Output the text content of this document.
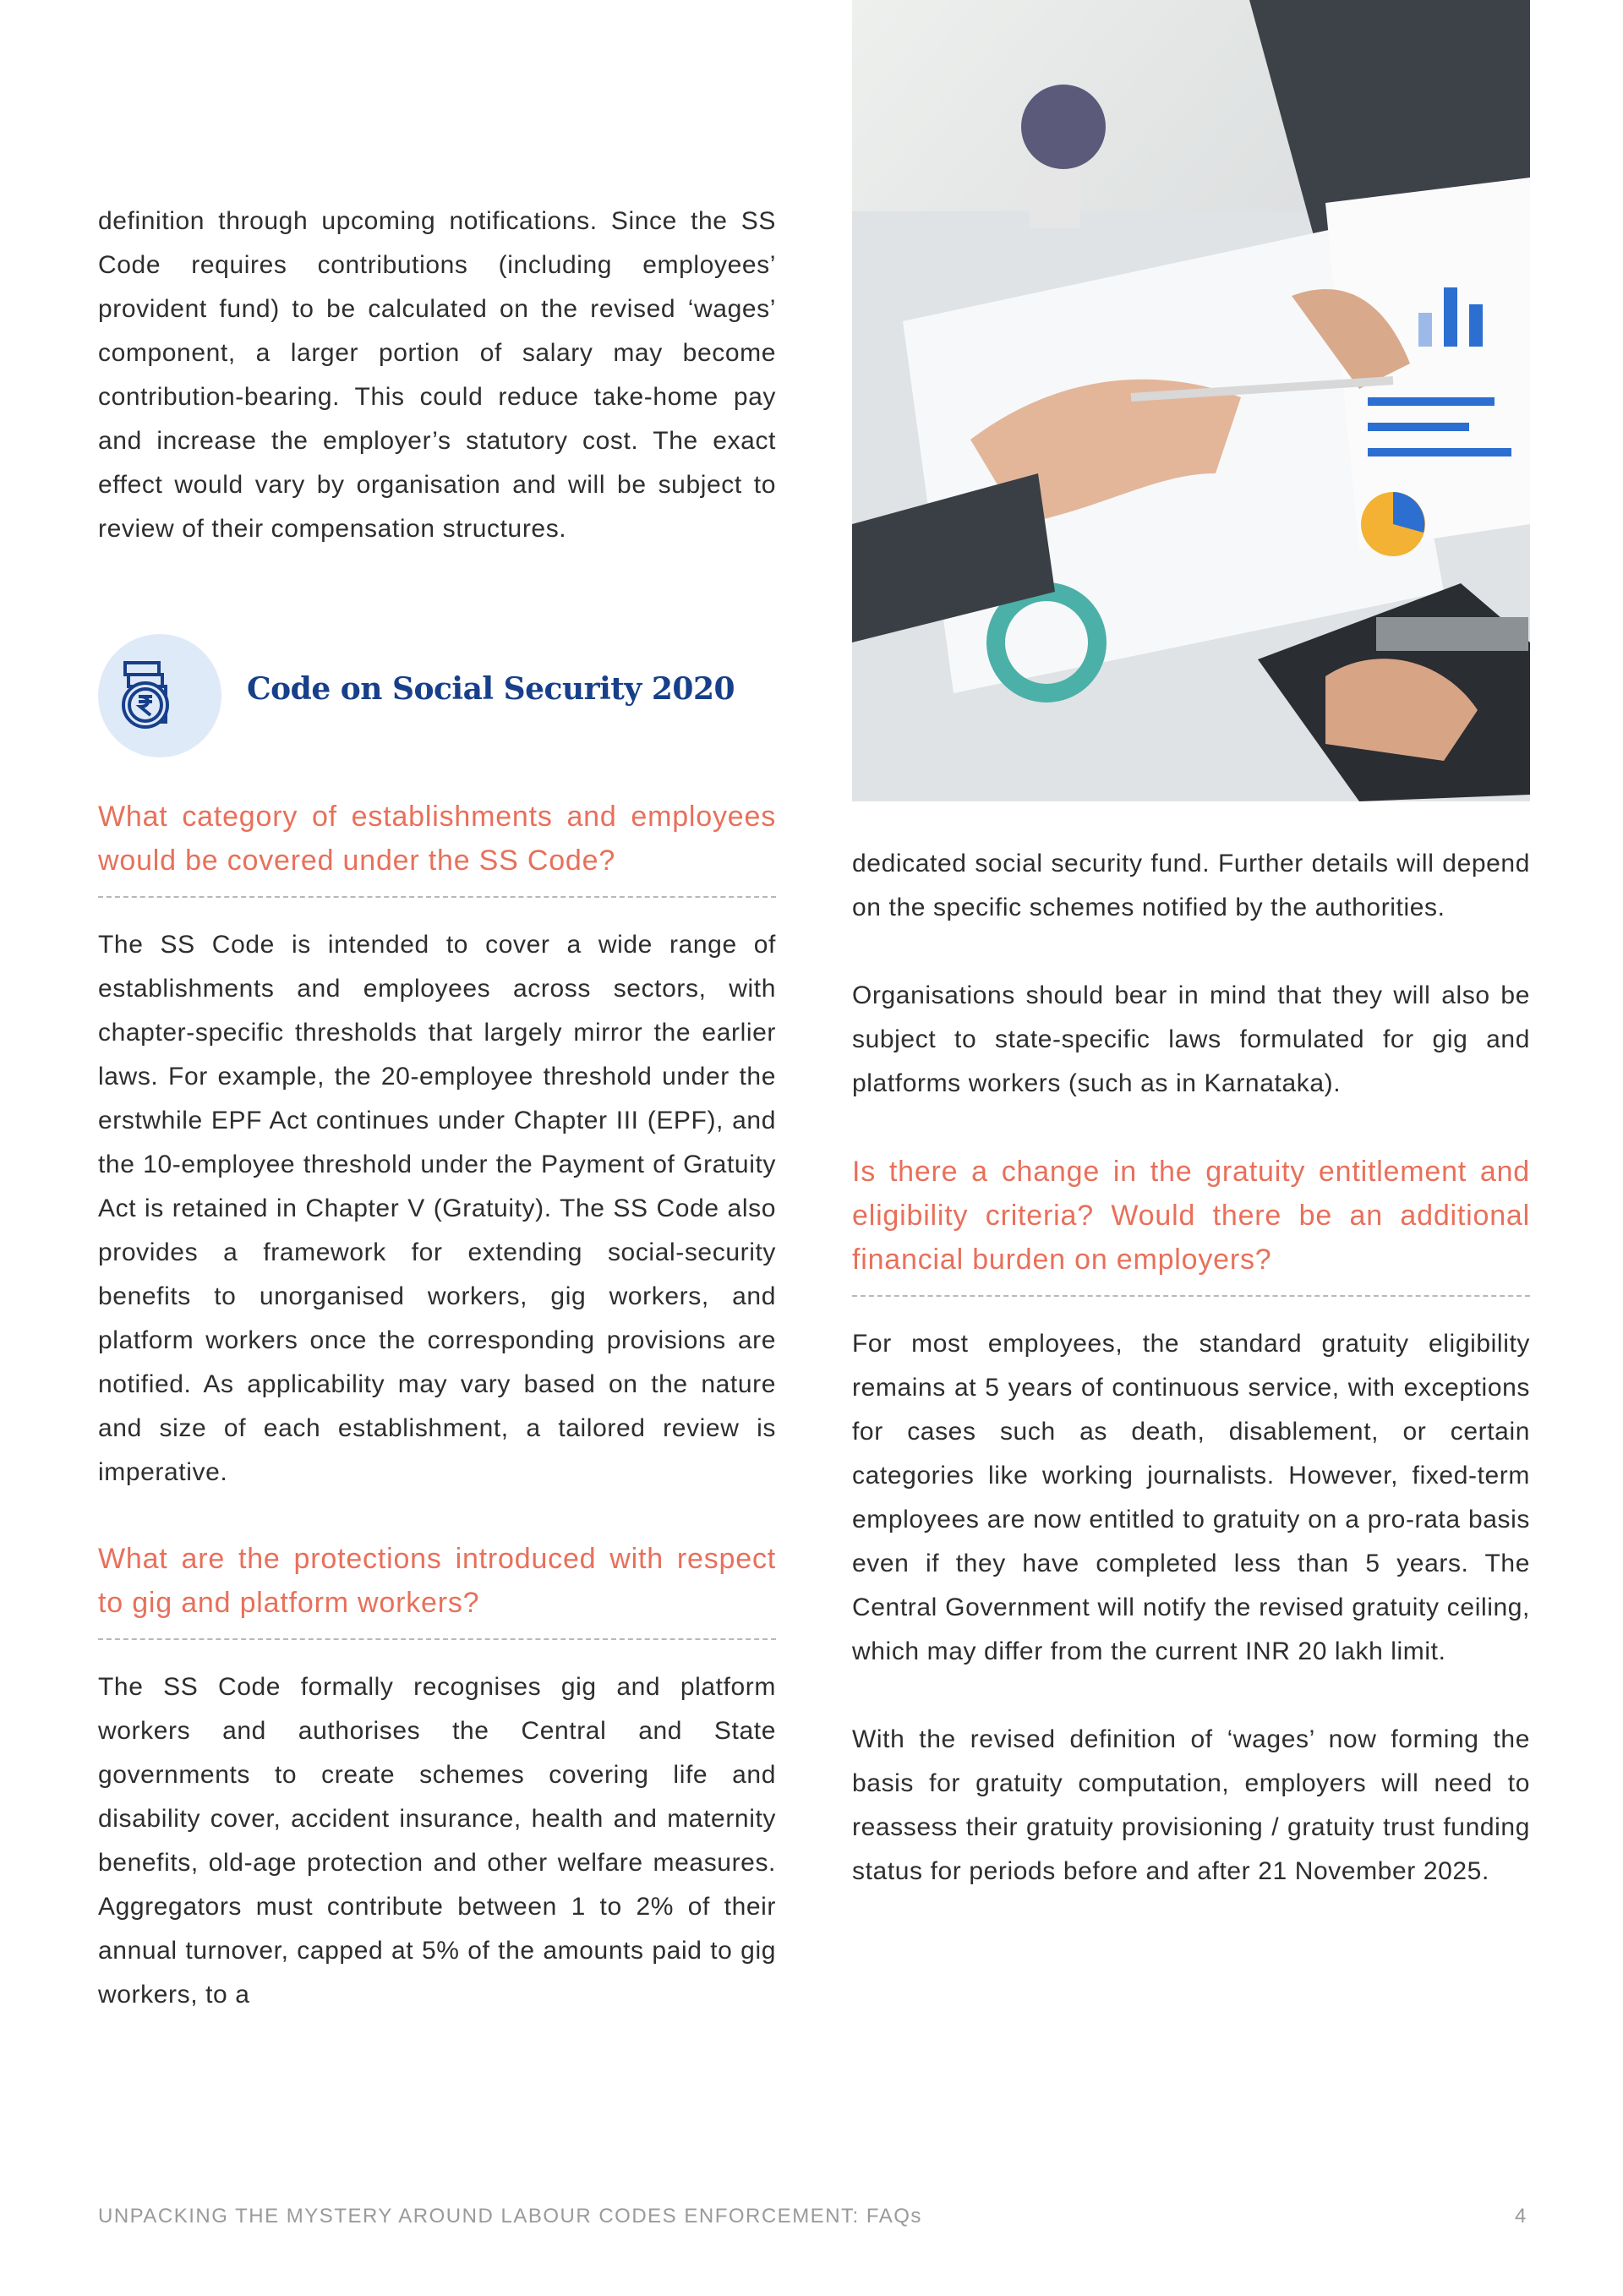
definition through upcoming notifications. Since the SS Code requires contributions (including employees’ provident fund) to be calculated on the revised ‘wages’ component, a larger portion of salary may become contribution-bearing. This could reduce take-home pay and increase the employer’s statutory cost. The exact effect would vary by organisation and will be subject to review of their compensation structures.

Code on Social Security 2020

What category of establishments and employees would be covered under the SS Code?

The SS Code is intended to cover a wide range of establishments and employees across sectors, with chapter-specific thresholds that largely mirror the earlier laws. For example, the 20-employee threshold under the erstwhile EPF Act continues under Chapter III (EPF), and the 10-employee threshold under the Payment of Gratuity Act is retained in Chapter V (Gratuity). The SS Code also provides a framework for extending social-security benefits to unorganised workers, gig workers, and platform workers once the corresponding provisions are notified. As applicability may vary based on the nature and size of each establishment, a tailored review is imperative.

What are the protections introduced with respect to gig and platform workers?

The SS Code formally recognises gig and platform workers and authorises the Central and State governments to create schemes covering life and disability cover, accident insurance, health and maternity benefits, old-age protection and other welfare measures. Aggregators must contribute between 1 to 2% of their annual turnover, capped at 5% of the amounts paid to gig workers, to a

dedicated social security fund. Further details will depend on the specific schemes notified by the authorities.

Organisations should bear in mind that they will also be subject to state-specific laws formulated for gig and platforms workers (such as in Karnataka).

Is there a change in the gratuity entitlement and eligibility criteria? Would there be an additional financial burden on employers?

For most employees, the standard gratuity eligibility remains at 5 years of continuous service, with exceptions for cases such as death, disablement, or certain categories like working journalists. However, fixed-term employees are now entitled to gratuity on a pro-rata basis even if they have completed less than 5 years. The Central Government will notify the revised gratuity ceiling, which may differ from the current INR 20 lakh limit.

With the revised definition of ‘wages’ now forming the basis for gratuity computation, employers will need to reassess their gratuity provisioning / gratuity trust funding status for periods before and after 21 November 2025.

UNPACKING THE MYSTERY AROUND LABOUR CODES ENFORCEMENT: FAQs	4
